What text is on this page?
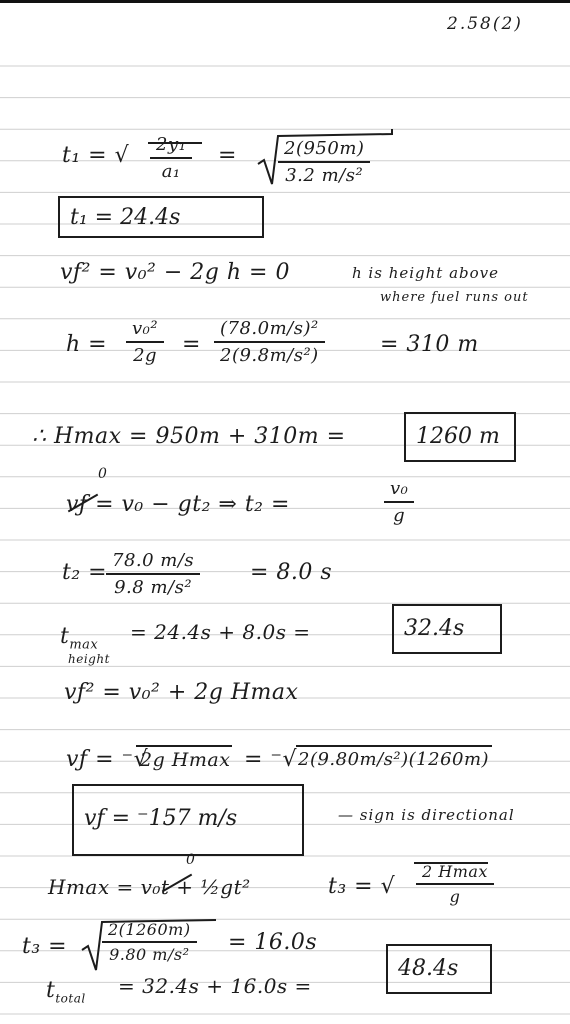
2.58(2)
t₁ = √ $\frac{\text{2y₁}}{\text{a₁}} = \frac{2(950m)}{\text{3.2 m/s²}}$
t₁ = 24.4s
vƒ² = v₀² − 2g h = 0	h is height above
where fuel runs out
$h = \frac{\text{v₀²}}{2g} = \frac{\text{(78.0m/s)²}}{\text{2(9.8m/s²)}}$	= 310 m
∴ Hmax = 950m + 310m =	1260 m
0
vƒ = v₀ − gt₂ ⇒ t₂ =	$\frac{\text{v₀}}{g}$
t₂ =
$\frac{78.0 m/s}{\text{9.8 m/s²}} = 8.0$ s
$t_{max}$
height
= 24.4s + 8.0s =	32.4s
vƒ² = v₀² + 2g Hmax
vƒ = ⁻√
2g Hmax = ⁻√ 2(9.80m/s²)(1260m)
vƒ = ⁻157 m/s	— sign is directional
0
Hmax = v₀t + ½gt²	t₃ = √
2 Hmax
g
$t_3 = \frac{2(1260m)}{\text{9.80 m/s²}} = 16.0s$
$t_{total}$
= 32.4s + 16.0s =
48.4s
